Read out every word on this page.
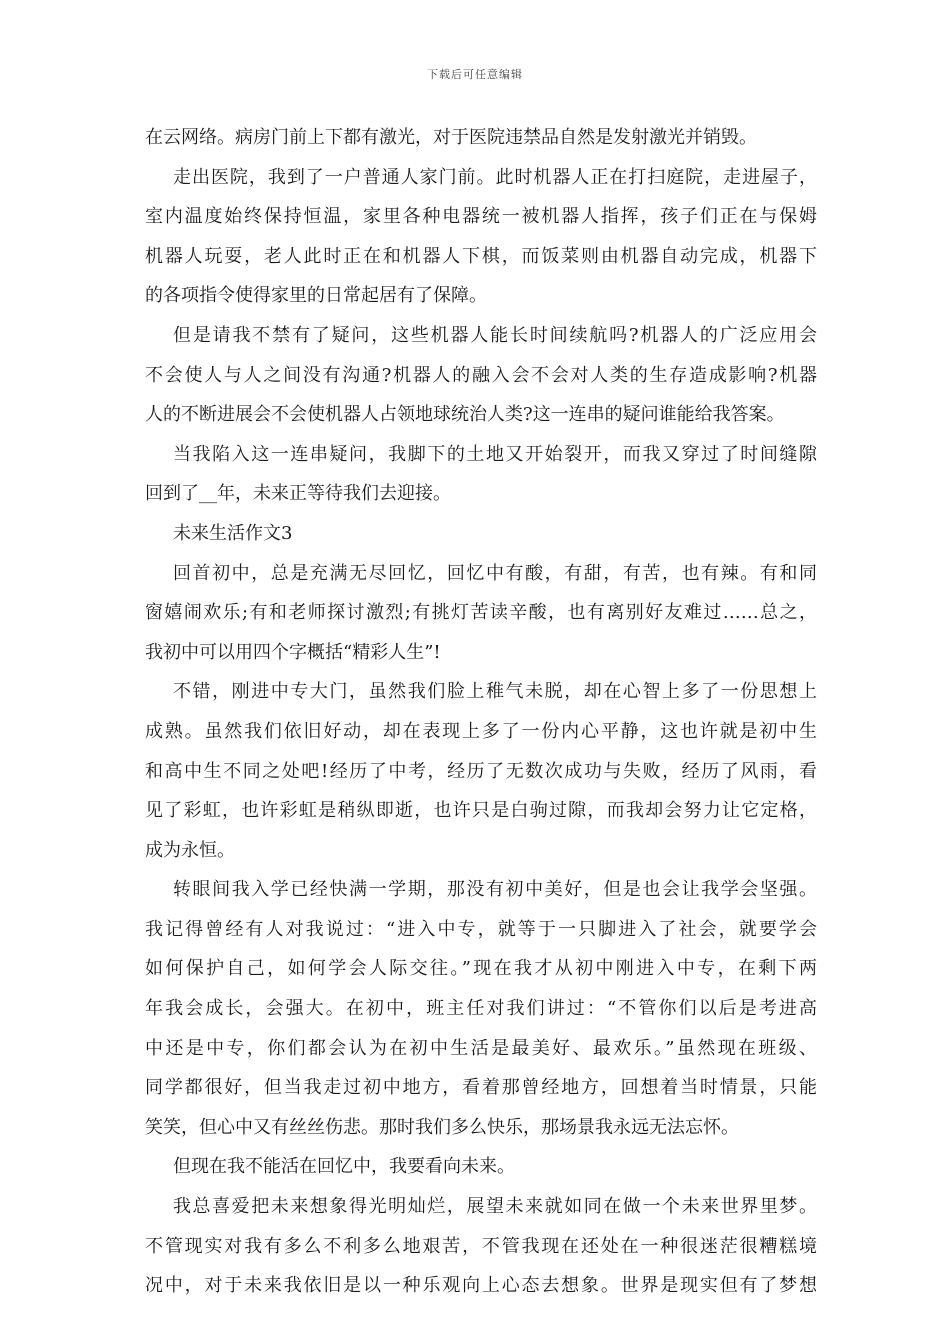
下载后可任意编辑
在云网络。病房门前上下都有激光，对于医院违禁品自然是发射激光并销毁。
走出医院，我到了一户普通人家门前。此时机器人正在打扫庭院，走进屋子，
室内温度始终保持恒温，家里各种电器统一被机器人指挥，孩子们正在与保姆
机器人玩耍，老人此时正在和机器人下棋，而饭菜则由机器自动完成，机器下
的各项指令使得家里的日常起居有了保障。
但是请我不禁有了疑问，这些机器人能长时间续航吗?机器人的广泛应用会
不会使人与人之间没有沟通?机器人的融入会不会对人类的生存造成影响?机器
人的不断进展会不会使机器人占领地球统治人类?这一连串的疑问谁能给我答案。
当我陷入这一连串疑问，我脚下的土地又开始裂开，而我又穿过了时间缝隙
回到了__年，未来正等待我们去迎接。
未来生活作文3
回首初中，总是充满无尽回忆，回忆中有酸，有甜，有苦，也有辣。有和同
窗嬉闹欢乐;有和老师探讨激烈;有挑灯苦读辛酸，也有离别好友难过……总之，
我初中可以用四个字概括“精彩人生”!
不错，刚进中专大门，虽然我们脸上稚气未脱，却在心智上多了一份思想上
成熟。虽然我们依旧好动，却在表现上多了一份内心平静，这也许就是初中生
和高中生不同之处吧!经历了中考，经历了无数次成功与失败，经历了风雨，看
见了彩虹，也许彩虹是稍纵即逝，也许只是白驹过隙，而我却会努力让它定格，
成为永恒。
转眼间我入学已经快满一学期，那没有初中美好，但是也会让我学会坚强。
我记得曾经有人对我说过：“进入中专，就等于一只脚进入了社会，就要学会
如何保护自己，如何学会人际交往。”现在我才从初中刚进入中专，在剩下两
年我会成长，会强大。在初中，班主任对我们讲过：“不管你们以后是考进高
中还是中专，你们都会认为在初中生活是最美好、最欢乐。”虽然现在班级、
同学都很好，但当我走过初中地方，看着那曾经地方，回想着当时情景，只能
笑笑，但心中又有丝丝伤悲。那时我们多么快乐，那场景我永远无法忘怀。
但现在我不能活在回忆中，我要看向未来。
我总喜爱把未来想象得光明灿烂，展望未来就如同在做一个未来世界里梦。
不管现实对我有多么不利多么地艰苦，不管我现在还处在一种很迷茫很糟糕境
况中，对于未来我依旧是以一种乐观向上心态去想象。世界是现实但有了梦想
